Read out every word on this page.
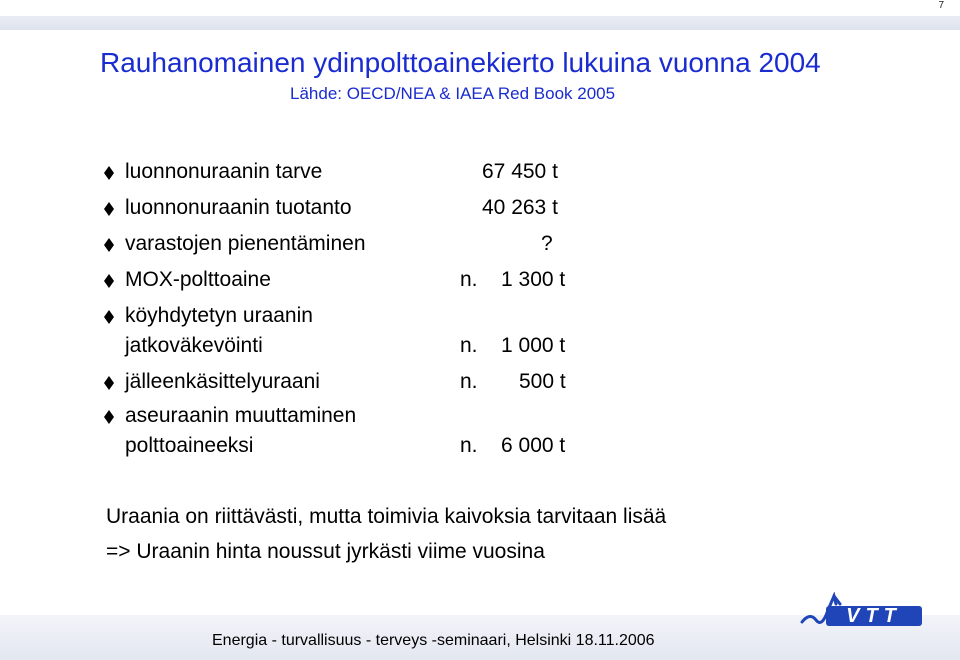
7
Rauhanomainen ydinpolttoainekierto lukuina vuonna 2004
Lähde: OECD/NEA & IAEA Red Book 2005
luonnonuraanin tarve	67 450 t
luonnonuraanin tuotanto	40 263 t
varastojen pienentäminen	?
MOX-polttoaine	n. 1 300 t
köyhdytetyn uraanin
jatkoväkevöinti	n. 1 000 t
jälleenkäsittelyuraani	n. 500 t
aseuraanin muuttaminen
polttoaineeksi	n. 6 000 t
Uraania on riittävästi, mutta toimivia kaivoksia tarvitaan lisää
=> Uraanin hinta noussut jyrkästi viime vuosina
Energia - turvallisuus - terveys -seminaari, Helsinki 18.11.2006
VTT
